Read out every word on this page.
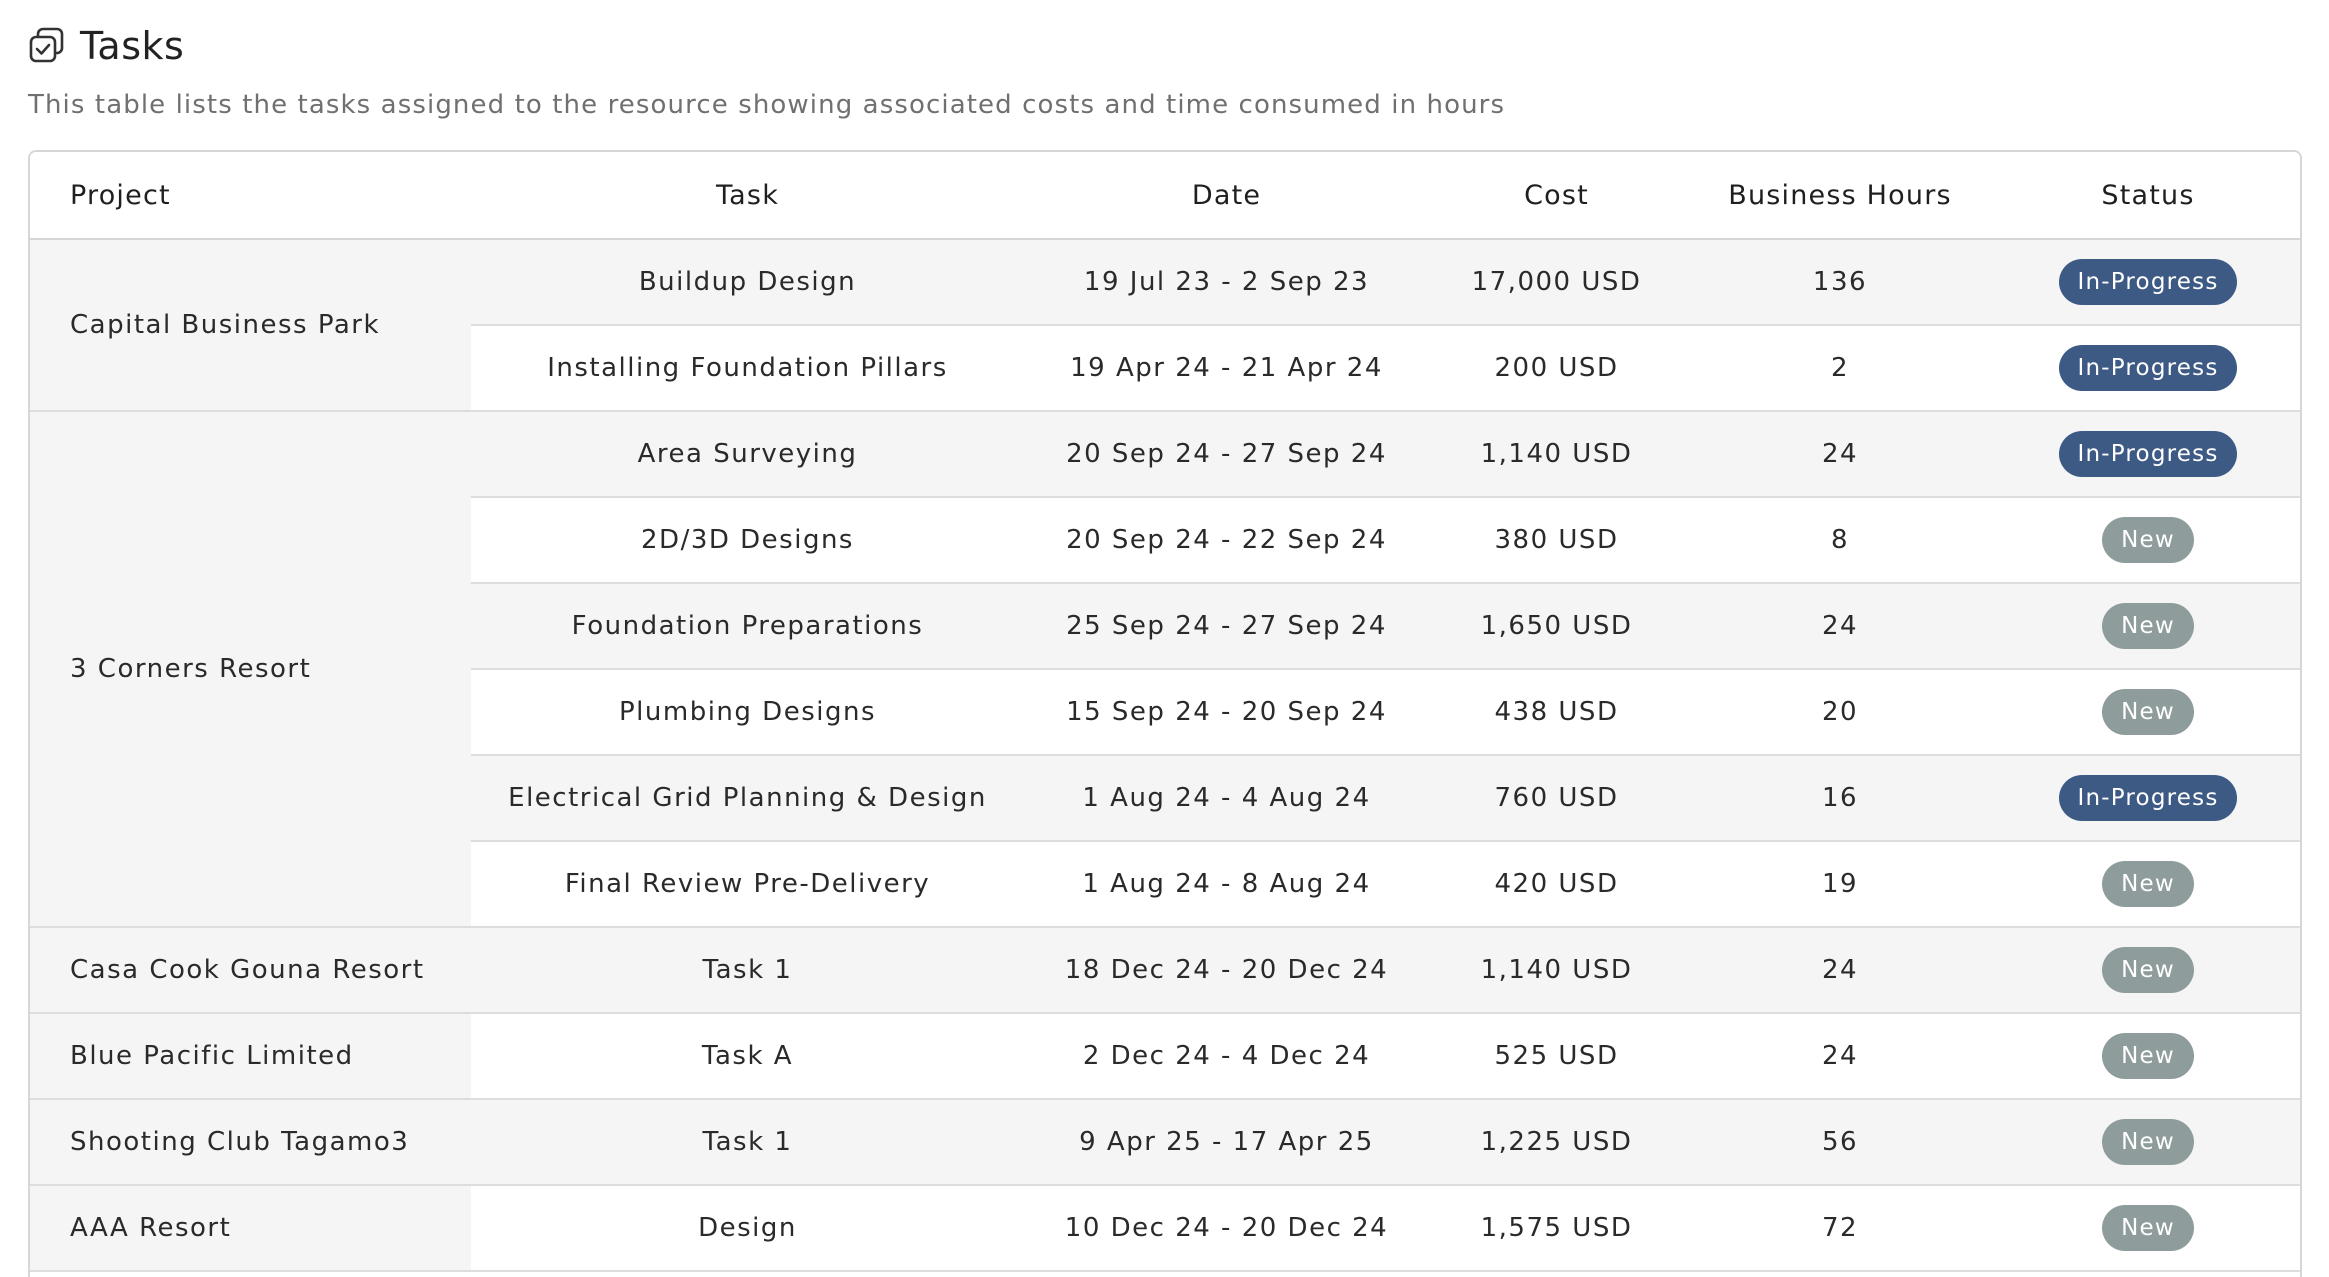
Tasks
This table lists the tasks assigned to the resource showing associated costs and time consumed in hours
Project	Task	Date	Cost	Business Hours	Status
Capital Business Park	Buildup Design	19 Jul 23 - 2 Sep 23	17,000 USD	136	In-Progress
	Installing Foundation Pillars	19 Apr 24 - 21 Apr 24	200 USD	2	In-Progress
3 Corners Resort	Area Surveying	20 Sep 24 - 27 Sep 24	1,140 USD	24	In-Progress
	2D/3D Designs	20 Sep 24 - 22 Sep 24	380 USD	8	New
	Foundation Preparations	25 Sep 24 - 27 Sep 24	1,650 USD	24	New
	Plumbing Designs	15 Sep 24 - 20 Sep 24	438 USD	20	New
	Electrical Grid Planning & Design	1 Aug 24 - 4 Aug 24	760 USD	16	In-Progress
	Final Review Pre-Delivery	1 Aug 24 - 8 Aug 24	420 USD	19	New
Casa Cook Gouna Resort	Task 1	18 Dec 24 - 20 Dec 24	1,140 USD	24	New
Blue Pacific Limited	Task A	2 Dec 24 - 4 Dec 24	525 USD	24	New
Shooting Club Tagamo3	Task 1	9 Apr 25 - 17 Apr 25	1,225 USD	56	New
AAA Resort	Design	10 Dec 24 - 20 Dec 24	1,575 USD	72	New
